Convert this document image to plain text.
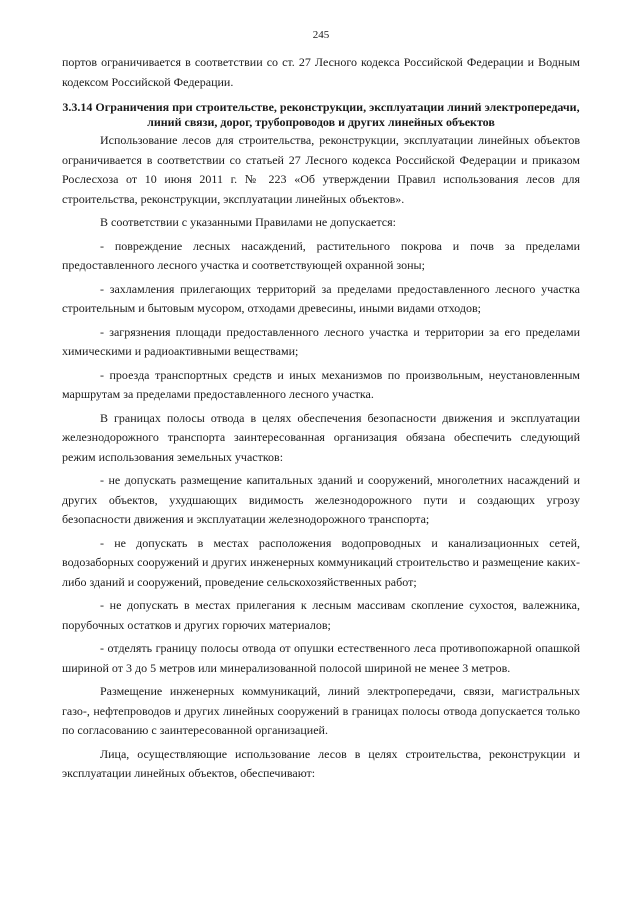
245

портов ограничивается в соответствии со ст. 27 Лесного кодекса Российской Федерации и Водным кодексом Российской Федерации.

3.3.14 Ограничения при строительстве, реконструкции, эксплуатации линий электропередачи, линий связи, дорог, трубопроводов и других линейных объектов

Использование лесов для строительства, реконструкции, эксплуатации линейных объектов ограничивается в соответствии со статьей 27 Лесного кодекса Российской Федерации и приказом Рослесхоза от 10 июня 2011 г. № 223 «Об утверждении Правил использования лесов для строительства, реконструкции, эксплуатации линейных объектов».

В соответствии с указанными Правилами не допускается:

- повреждение лесных насаждений, растительного покрова и почв за пределами предоставленного лесного участка и соответствующей охранной зоны;

- захламления прилегающих территорий за пределами предоставленного лесного участка строительным и бытовым мусором, отходами древесины, иными видами отходов;

- загрязнения площади предоставленного лесного участка и территории за его пределами химическими и радиоактивными веществами;

- проезда транспортных средств и иных механизмов по произвольным, неустановленным маршрутам за пределами предоставленного лесного участка.

В границах полосы отвода в целях обеспечения безопасности движения и эксплуатации железнодорожного транспорта заинтересованная организация обязана обеспечить следующий режим использования земельных участков:

- не допускать размещение капитальных зданий и сооружений, многолетних насаждений и других объектов, ухудшающих видимость железнодорожного пути и создающих угрозу безопасности движения и эксплуатации железнодорожного транспорта;

- не допускать в местах расположения водопроводных и канализационных сетей, водозаборных сооружений и других инженерных коммуникаций строительство и размещение каких-либо зданий и сооружений, проведение сельскохозяйственных работ;

- не допускать в местах прилегания к лесным массивам скопление сухостоя, валежника, порубочных остатков и других горючих материалов;

- отделять границу полосы отвода от опушки естественного леса противопожарной опашкой шириной от 3 до 5 метров или минерализованной полосой шириной не менее 3 метров.

Размещение инженерных коммуникаций, линий электропередачи, связи, магистральных газо-, нефтепроводов и других линейных сооружений в границах полосы отвода допускается только по согласованию с заинтересованной организацией.

Лица, осуществляющие использование лесов в целях строительства, реконструкции и эксплуатации линейных объектов, обеспечивают:
